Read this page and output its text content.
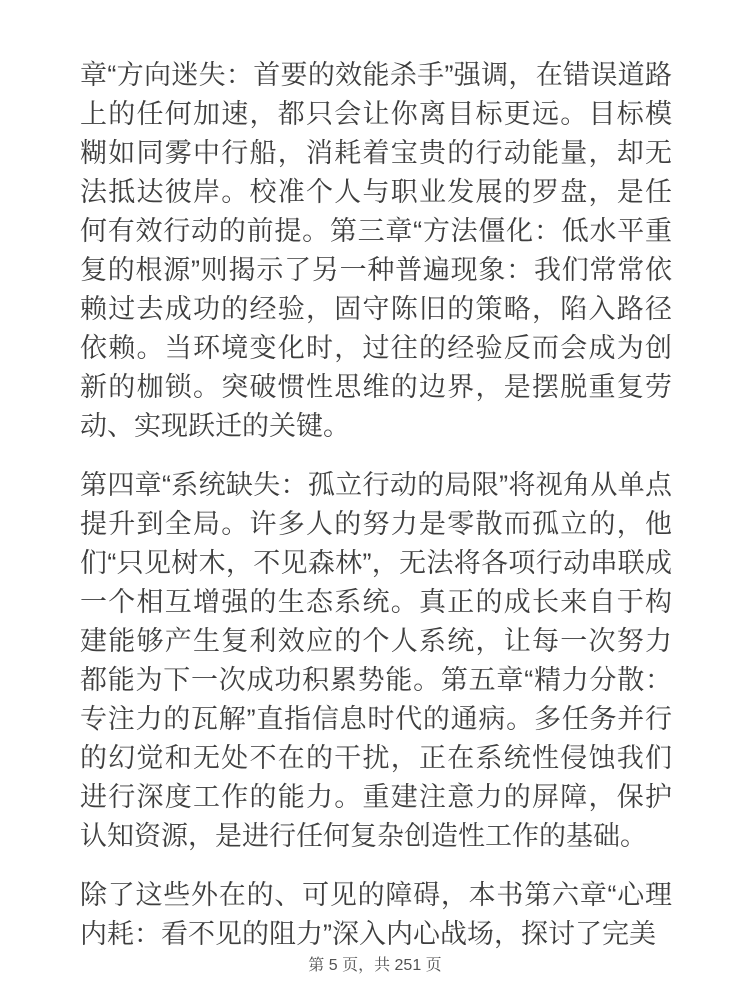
章“方向迷失：首要的效能杀手”强调，在错误道路上的任何加速，都只会让你离目标更远。目标模糊如同雾中行船，消耗着宝贵的行动能量，却无法抵达彼岸。校准个人与职业发展的罗盘，是任何有效行动的前提。第三章“方法僵化：低水平重复的根源”则揭示了另一种普遍现象：我们常常依赖过去成功的经验，固守陈旧的策略，陷入路径依赖。当环境变化时，过往的经验反而会成为创新的枷锁。突破惯性思维的边界，是摆脱重复劳动、实现跃迁的关键。

第四章“系统缺失：孤立行动的局限”将视角从单点提升到全局。许多人的努力是零散而孤立的，他们“只见树木，不见森林”，无法将各项行动串联成一个相互增强的生态系统。真正的成长来自于构建能够产生复利效应的个人系统，让每一次努力都能为下一次成功积累势能。第五章“精力分散：专注力的瓦解”直指信息时代的通病。多任务并行的幻觉和无处不在的干扰，正在系统性侵蚀我们进行深度工作的能力。重建注意力的屏障，保护认知资源，是进行任何复杂创造性工作的基础。

除了这些外在的、可见的障碍，本书第六章“心理内耗：看不见的阻力”深入内心战场，探讨了完美

第 5 页，共 251 页
